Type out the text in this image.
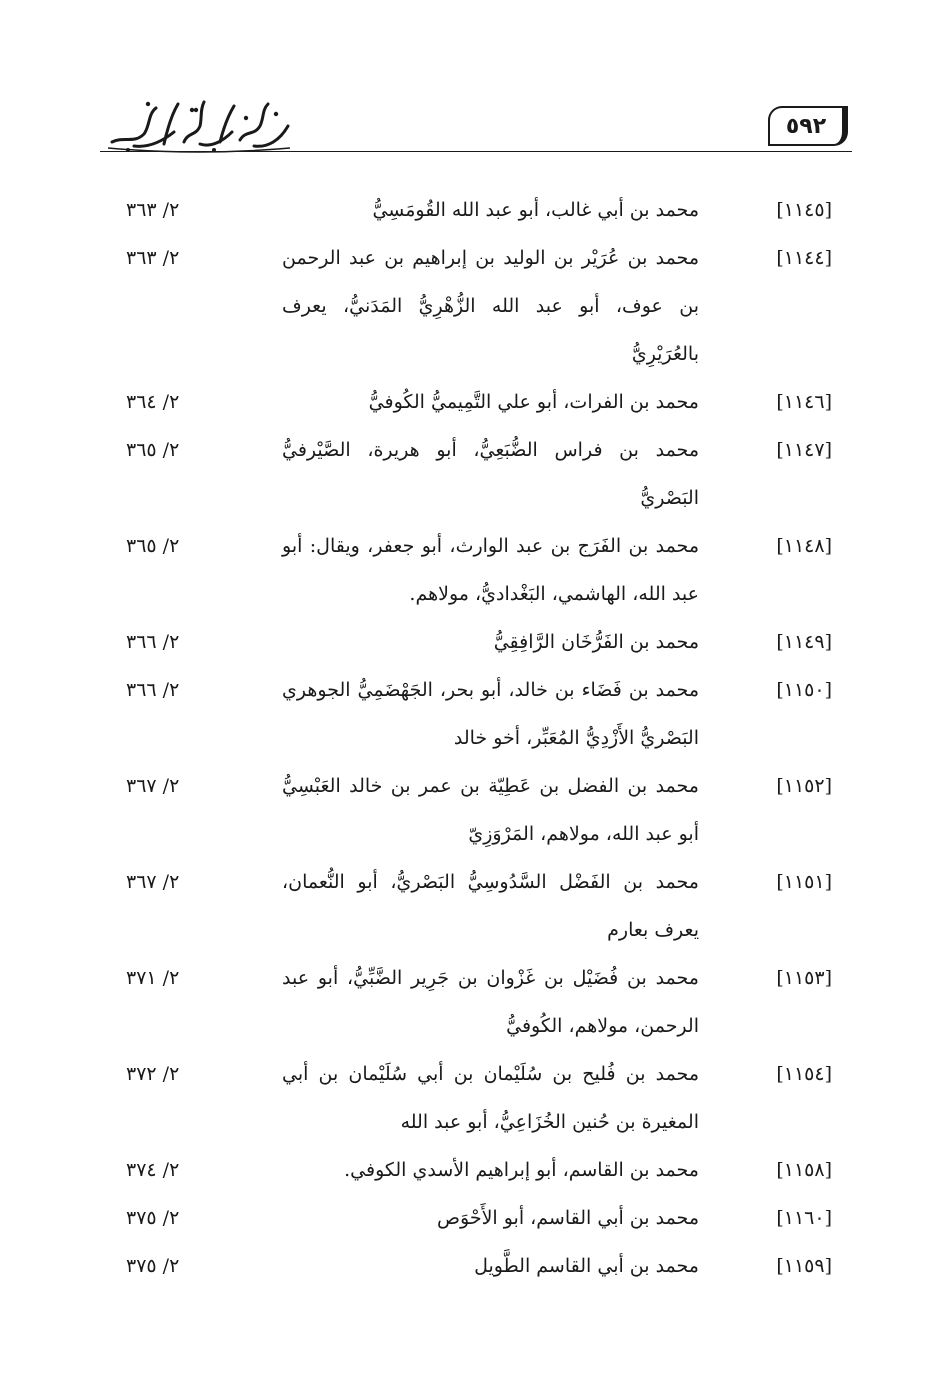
٥٩٢
[١١٤٥]
محمد بن أبي غالب، أبو عبد الله القُومَسِيُّ
٢/ ٣٦٣
[١١٤٤]
محمد بن عُرَيْر بن الوليد بن إبراهيم بن عبد الرحمن بن عوف، أبو عبد الله الزُّهْرِيُّ المَدَنيُّ، يعرف بالعُرَيْرِيُّ
٢/ ٣٦٣
[١١٤٦]
محمد بن الفرات، أبو علي التَّمِيميُّ الكُوفيُّ
٢/ ٣٦٤
[١١٤٧]
محمد بن فراس الضُّبَعِيُّ، أبو هريرة، الصَّيْرفيُّ البَصْريُّ
٢/ ٣٦٥
[١١٤٨]
محمد بن الفَرَج بن عبد الوارث، أبو جعفر، ويقال: أبو عبد الله، الهاشمي، البَغْداديُّ، مولاهم.
٢/ ٣٦٥
[١١٤٩]
محمد بن الفَرُّخَان الرَّافِقِيُّ
٢/ ٣٦٦
[١١٥٠]
محمد بن فَضَاء بن خالد، أبو بحر، الجَهْضَمِيُّ الجوهري البَصْريُّ الأَزْدِيُّ المُعَبِّر، أخو خالد
٢/ ٣٦٦
[١١٥٢]
محمد بن الفضل بن عَطِيّة بن عمر بن خالد العَبْسِيُّ أبو عبد الله، مولاهم، المَرْوَزِيّ
٢/ ٣٦٧
[١١٥١]
محمد بن الفَضْل السَّدُوسِيُّ البَصْريُّ، أبو النُّعمان، يعرف بعارم
٢/ ٣٦٧
[١١٥٣]
محمد بن فُضَيْل بن غَزْوان بن جَرِير الضَّبِّيُّ، أبو عبد الرحمن، مولاهم، الكُوفيُّ
٢/ ٣٧١
[١١٥٤]
محمد بن فُليح بن سُلَيْمان بن أبي سُلَيْمان بن أبي المغيرة بن حُنين الخُزَاعِيُّ، أبو عبد الله
٢/ ٣٧٢
[١١٥٨]
محمد بن القاسم، أبو إبراهيم الأسدي الكوفي.
٢/ ٣٧٤
[١١٦٠]
محمد بن أبي القاسم، أبو الأَحْوَص
٢/ ٣٧٥
[١١٥٩]
محمد بن أبي القاسم الطَّويل
٢/ ٣٧٥
